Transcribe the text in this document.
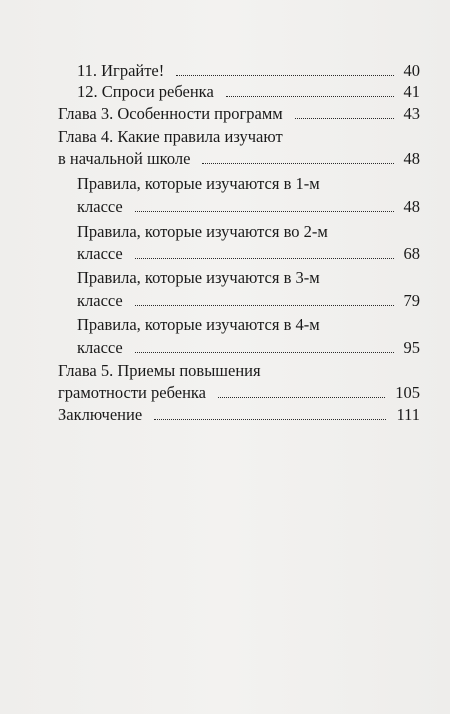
11. Играйте!	40
12. Спроси ребенка	41
Глава 3. Особенности программ	43
Глава 4. Какие правила изучают
в начальной школе	48
Правила, которые изучаются в 1-м
классе	48
Правила, которые изучаются во 2-м
классе	68
Правила, которые изучаются в 3-м
классе	79
Правила, которые изучаются в 4-м
классе	95
Глава 5. Приемы повышения
грамотности ребенка	105
Заключение	111
